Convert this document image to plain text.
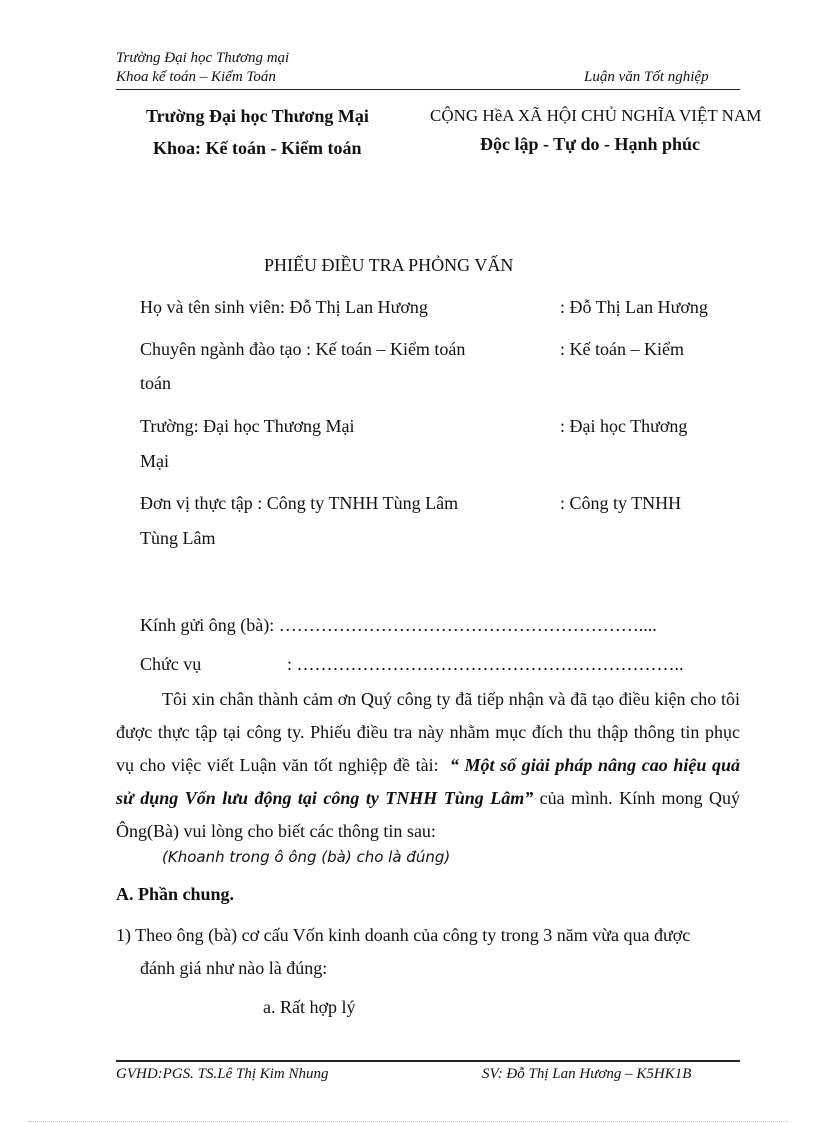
Trường Đại học Thương mại
Khoa kế toán – Kiểm Toán	Luận văn Tốt nghiệp
Trường Đại học Thương Mại
Khoa: Kế toán - Kiểm toán
CỘNG HềA XÃ HỘI CHỦ NGHĨA VIỆT NAM
Độc lập - Tự do - Hạnh phúc
PHIẾU ĐIỀU TRA PHỎNG VẤN
Họ và tên sinh viên: Đỗ Thị Lan Hương	: Đỗ Thị Lan Hương
Chuyên ngành đào tạo : Kế toán – Kiểm toán	: Kế toán – Kiểm
toán
Trường: Đại học Thương Mại	: Đại học Thương
Mại
Đơn vị thực tập : Công ty TNHH Tùng Lâm	: Công ty TNHH
Tùng Lâm
Kính gửi ông (bà): ……………………………………………………....
Chức vụ	: ………………………………………………………..
Tôi xin chân thành cảm ơn Quý công ty đã tiếp nhận và đã tạo điều kiện cho tôi được thực tập tại công ty. Phiếu điều tra này nhằm mục đích thu thập thông tin phục vụ cho việc viết Luận văn tốt nghiệp đề tài: “ Một số giải pháp nâng cao hiệu quả sử dụng Vốn lưu động tại công ty TNHH Tùng Lâm” của mình. Kính mong Quý Ông(Bà) vui lòng cho biết các thông tin sau:
(Khoanh trong ô ông (bà) cho là đúng)
A. Phần chung.
1) Theo ông (bà) cơ cấu Vốn kinh doanh của công ty trong 3 năm vừa qua được
đánh giá như nào là đúng:
a. Rất hợp lý
GVHD:PGS. TS.Lê Thị Kim Nhung	SV: Đỗ Thị Lan Hương – K5HK1B
